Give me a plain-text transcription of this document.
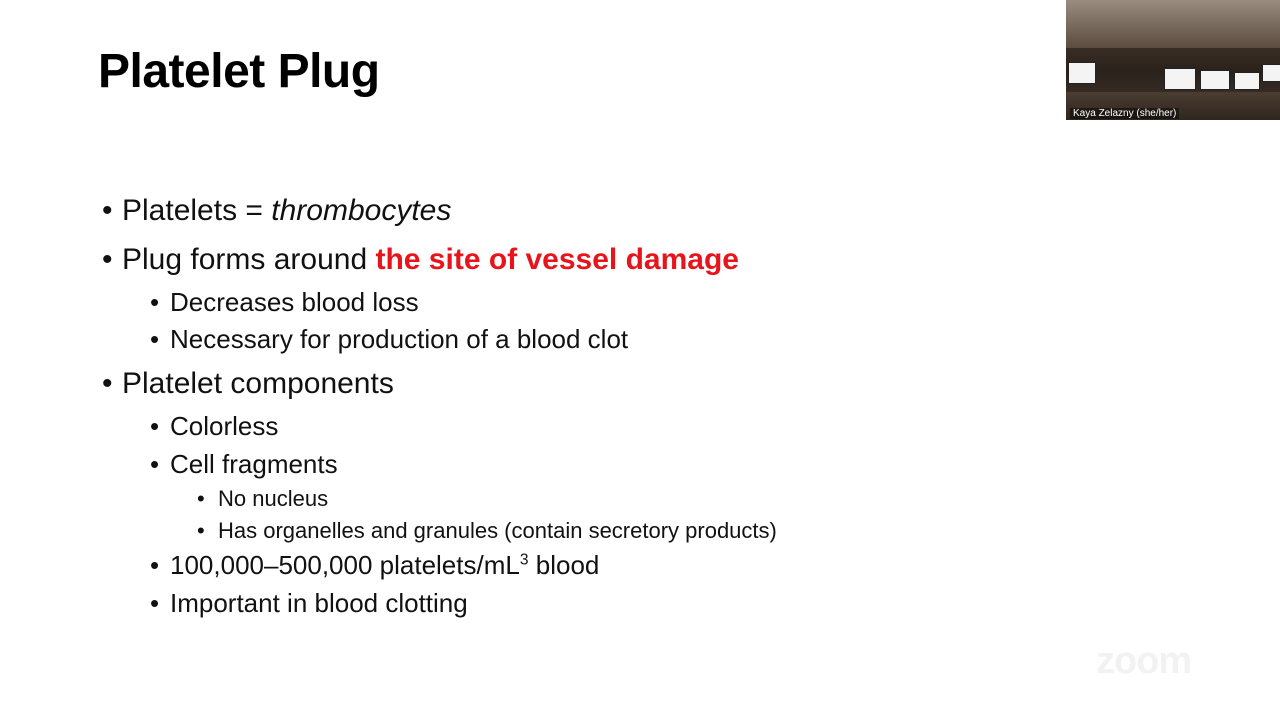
Platelet Plug
• Platelets = thrombocytes
• Plug forms around the site of vessel damage
• Decreases blood loss
• Necessary for production of a blood clot
• Platelet components
• Colorless
• Cell fragments
• No nucleus
• Has organelles and granules (contain secretory products)
• 100,000–500,000 platelets/$mL^3$ blood
• Important in blood clotting
Kaya Zelazny (she/her)
zoom
